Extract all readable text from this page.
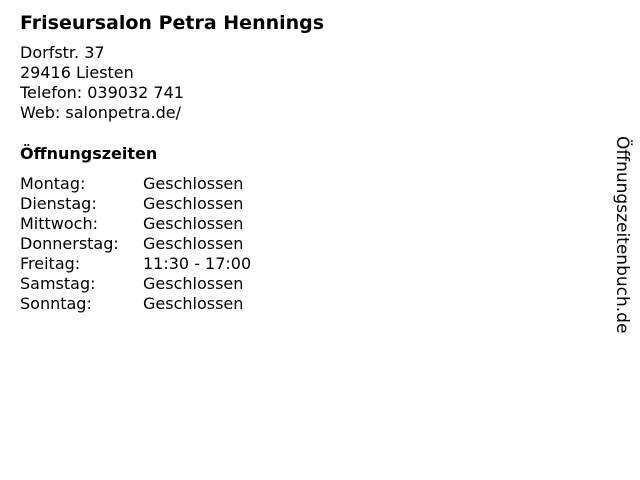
Friseursalon Petra Hennings
Dorfstr. 37
29416 Liesten
Telefon: 039032 741
Web: salonpetra.de/
Öffnungszeiten
Montag:	Geschlossen
Dienstag:	Geschlossen
Mittwoch:	Geschlossen
Donnerstag: Geschlossen
Freitag:	11:30 - 17:00
Samstag:	Geschlossen
Sonntag:	Geschlossen	Öffnungszeitenbuch.de
